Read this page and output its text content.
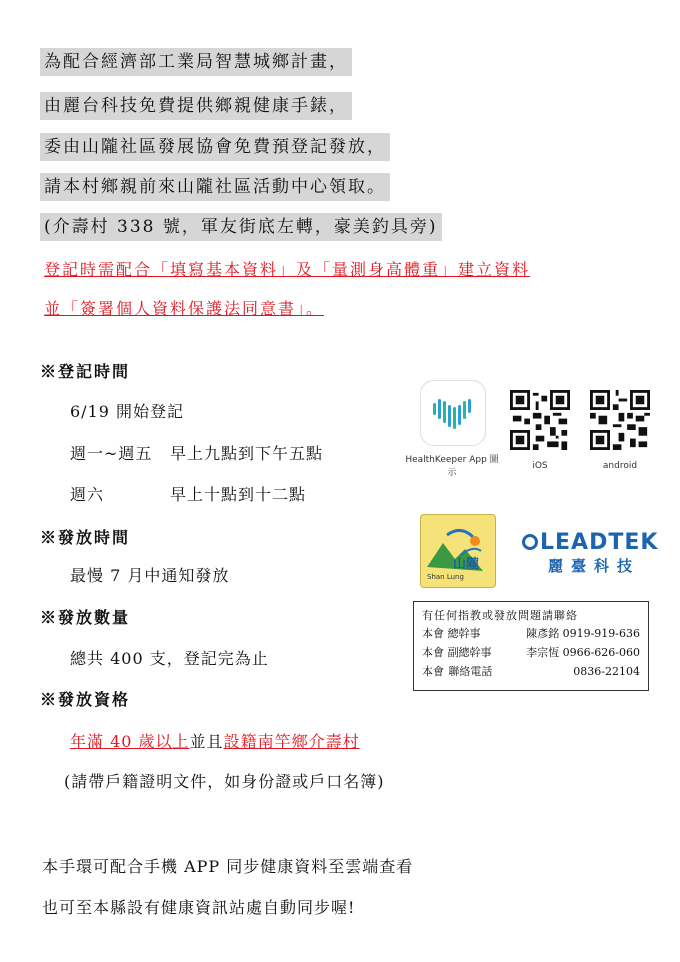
為配合經濟部工業局智慧城鄉計畫，
由麗台科技免費提供鄉親健康手錶，
委由山隴社區發展協會免費預登記發放，
請本村鄉親前來山隴社區活動中心領取。
(介壽村 338 號，軍友街底左轉，豪美釣具旁)
登記時需配合「填寫基本資料」及「量測身高體重」建立資料
並「簽署個人資料保護法同意書」。
※登記時間
6/19 開始登記
週一~週五 早上九點到下午五點
週六	早上十點到十二點
※發放時間
最慢 7 月中通知發放
※發放數量
總共 400 支，登記完為止
※發放資格
年滿 40 歲以上並且設籍南竿鄉介壽村
(請帶戶籍證明文件，如身份證或戶口名簿)
本手環可配合手機 APP 同步健康資料至雲端查看
也可至本縣設有健康資訊站處自動同步喔!
HealthKeeper App 圖示
iOS	android
山隴
Shan Lung
LEADTEK
麗臺科技
有任何指教或發放問題請聯絡
本會 總幹事	陳彥銘 0919-919-636
本會 副總幹事	李宗恆 0966-626-060
本會 聯絡電話	0836-22104
